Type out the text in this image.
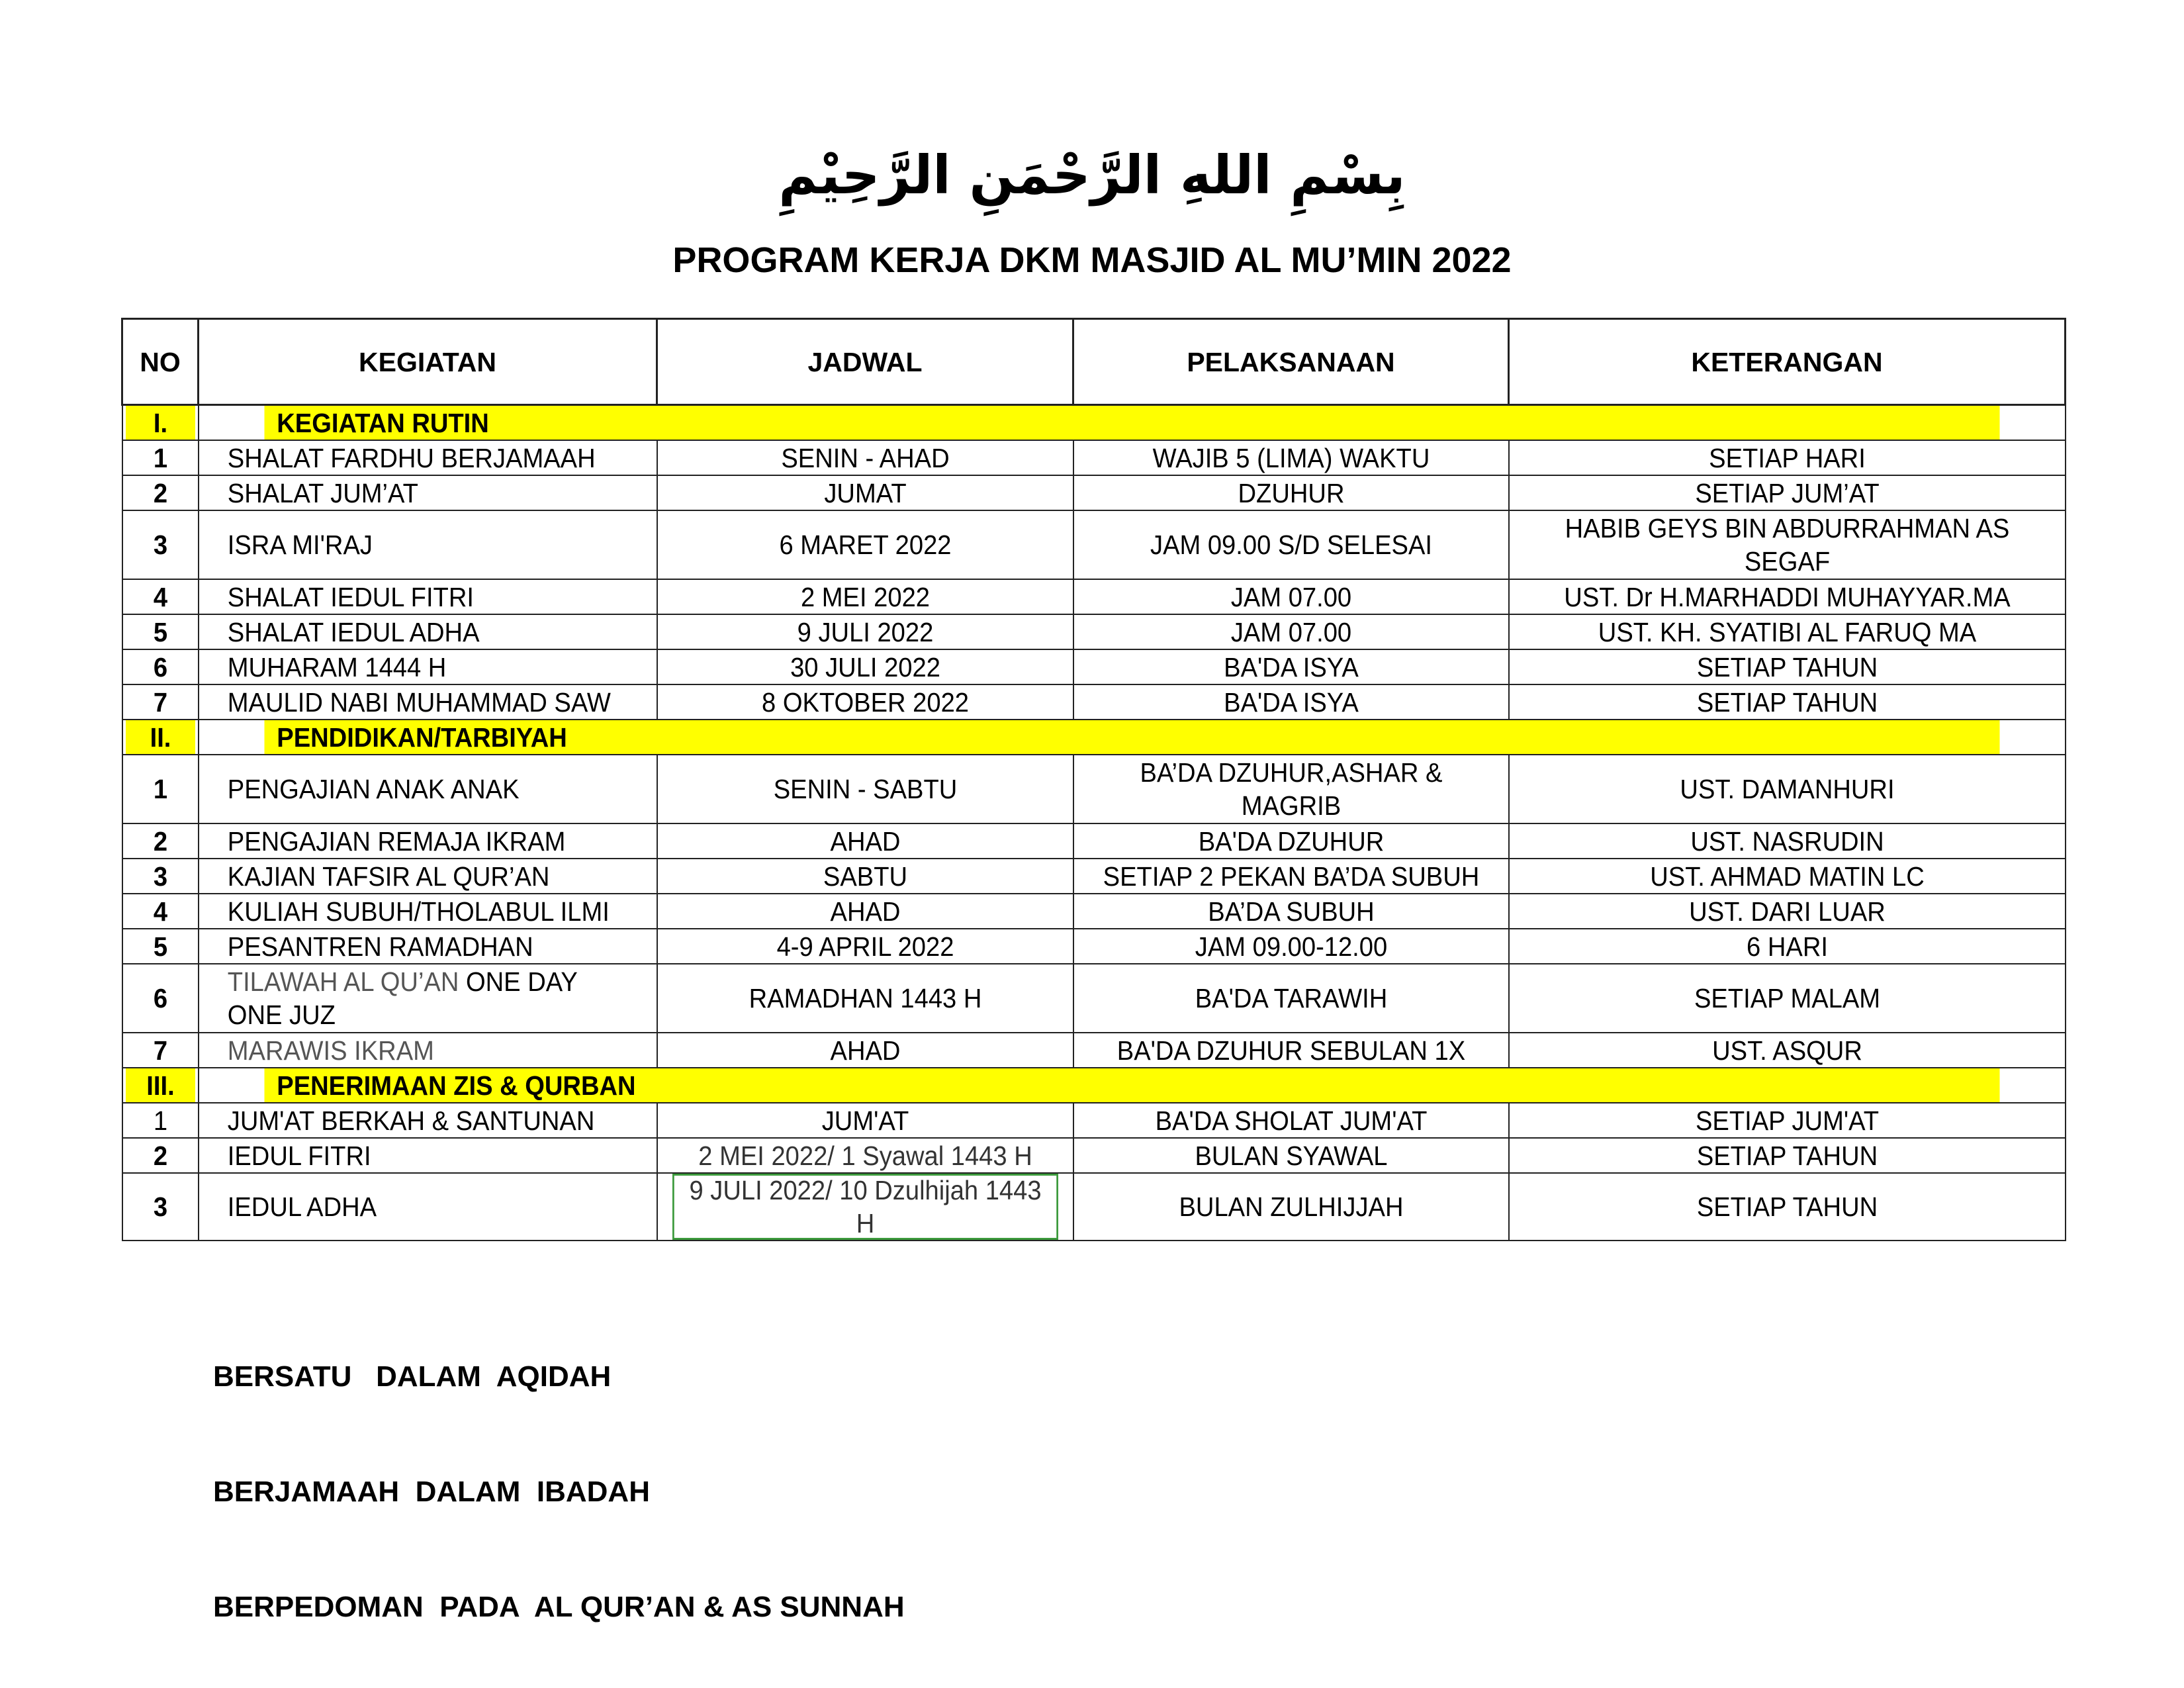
بِسْمِ اللهِ الرَّحْمَنِ الرَّحِيْمِ
PROGRAM KERJA DKM MASJID AL MU’MIN 2022
NO	KEGIATAN	JADWAL	PELAKSANAAN	KETERANGAN
I.	KEGIATAN RUTIN			
1	SHALAT FARDHU BERJAMAAH	SENIN - AHAD	WAJIB 5 (LIMA) WAKTU	SETIAP HARI
2	SHALAT JUM’AT	JUMAT	DZUHUR	SETIAP JUM’AT
3	ISRA MI'RAJ	6 MARET 2022	JAM 09.00 S/D SELESAI	HABIB GEYS BIN ABDURRAHMAN AS SEGAF
4	SHALAT IEDUL FITRI	2 MEI 2022	JAM 07.00	UST. Dr H.MARHADDI MUHAYYAR.MA
5	SHALAT IEDUL ADHA	9 JULI 2022	JAM 07.00	UST. KH. SYATIBI AL FARUQ MA
6	MUHARAM 1444 H	30 JULI 2022	BA'DA ISYA	SETIAP TAHUN
7	MAULID NABI MUHAMMAD SAW	8 OKTOBER 2022	BA'DA ISYA	SETIAP TAHUN
II.	PENDIDIKAN/TARBIYAH			
1	PENGAJIAN ANAK ANAK	SENIN - SABTU	BA’DA DZUHUR,ASHAR & MAGRIB	UST. DAMANHURI
2	PENGAJIAN REMAJA IKRAM	AHAD	BA'DA DZUHUR	UST. NASRUDIN
3	KAJIAN TAFSIR AL QUR’AN	SABTU	SETIAP 2 PEKAN BA’DA SUBUH	UST. AHMAD MATIN LC
4	KULIAH SUBUH/THOLABUL ILMI	AHAD	BA’DA SUBUH	UST. DARI LUAR
5	PESANTREN RAMADHAN	4-9 APRIL 2022	JAM 09.00-12.00	6 HARI
6	TILAWAH AL QU’AN ONE DAY ONE JUZ	RAMADHAN 1443 H	BA'DA TARAWIH	SETIAP MALAM
7	MARAWIS IKRAM	AHAD	BA'DA DZUHUR SEBULAN 1X	UST. ASQUR
III.	PENERIMAAN ZIS & QURBAN			
1	JUM'AT BERKAH & SANTUNAN	JUM'AT	BA'DA SHOLAT JUM'AT	SETIAP JUM'AT
2	IEDUL FITRI	2 MEI 2022/ 1 Syawal 1443 H	BULAN SYAWAL	SETIAP TAHUN
3	IEDUL ADHA	9 JULI 2022/ 10 Dzulhijah 1443 H	BULAN ZULHIJJAH	SETIAP TAHUN

BERSATU   DALAM  AQIDAH

BERJAMAAH  DALAM  IBADAH

BERPEDOMAN  PADA  AL QUR’AN & AS SUNNAH
